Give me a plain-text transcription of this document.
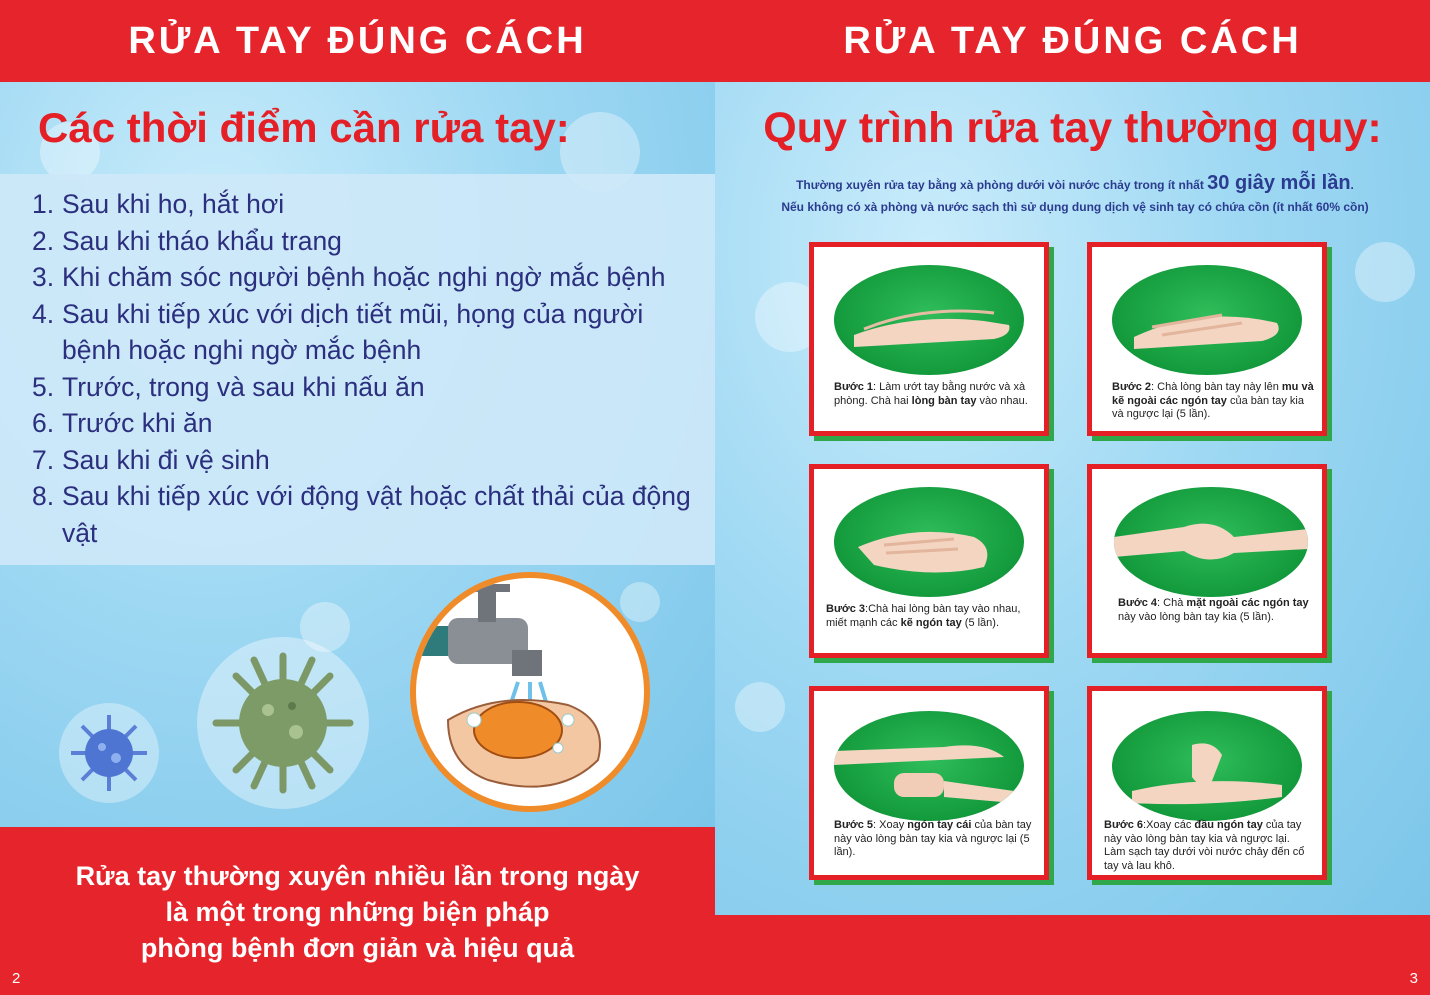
RỬA TAY ĐÚNG CÁCH
Các thời điểm cần rửa tay:
1. Sau khi ho, hắt hơi
2. Sau khi tháo khẩu trang
3. Khi chăm sóc người bệnh hoặc nghi ngờ mắc bệnh
4. Sau khi tiếp xúc với dịch tiết mũi, họng của người bệnh hoặc nghi ngờ mắc bệnh
5. Trước, trong và sau khi nấu ăn
6. Trước khi ăn
7. Sau khi đi vệ sinh
8. Sau khi tiếp xúc với động vật hoặc chất thải của động vật
Rửa tay thường xuyên nhiều lần trong ngày
là một trong những biện pháp
phòng bệnh đơn giản và hiệu quả
2
RỬA TAY ĐÚNG CÁCH
Quy trình rửa tay thường quy:
Thường xuyên rửa tay bằng xà phòng dưới vòi nước chảy trong ít nhất 30 giây mỗi lần.
Nếu không có xà phòng và nước sạch thì sử dụng dung dịch vệ sinh tay có chứa cồn (ít nhất 60% cồn)
Bước 1: Làm ướt tay bằng nước và xà phòng. Chà hai lòng bàn tay vào nhau.
Bước 2: Chà lòng bàn tay này lên mu và kẽ ngoài các ngón tay của bàn tay kia và ngược lại (5 lần).
Bước 3:Chà hai lòng bàn tay vào nhau, miết mạnh các kẽ ngón tay (5 lần).
Bước 4: Chà mặt ngoài các ngón tay này vào lòng bàn tay kia (5 lần).
Bước 5: Xoay ngón tay cái của bàn tay này vào lòng bàn tay kia và ngược lại (5 lần).
Bước 6:Xoay các đầu ngón tay của tay này vào lòng bàn tay kia và ngược lại. Làm sạch tay dưới vòi nước chảy đến cổ tay và lau khô.
3
